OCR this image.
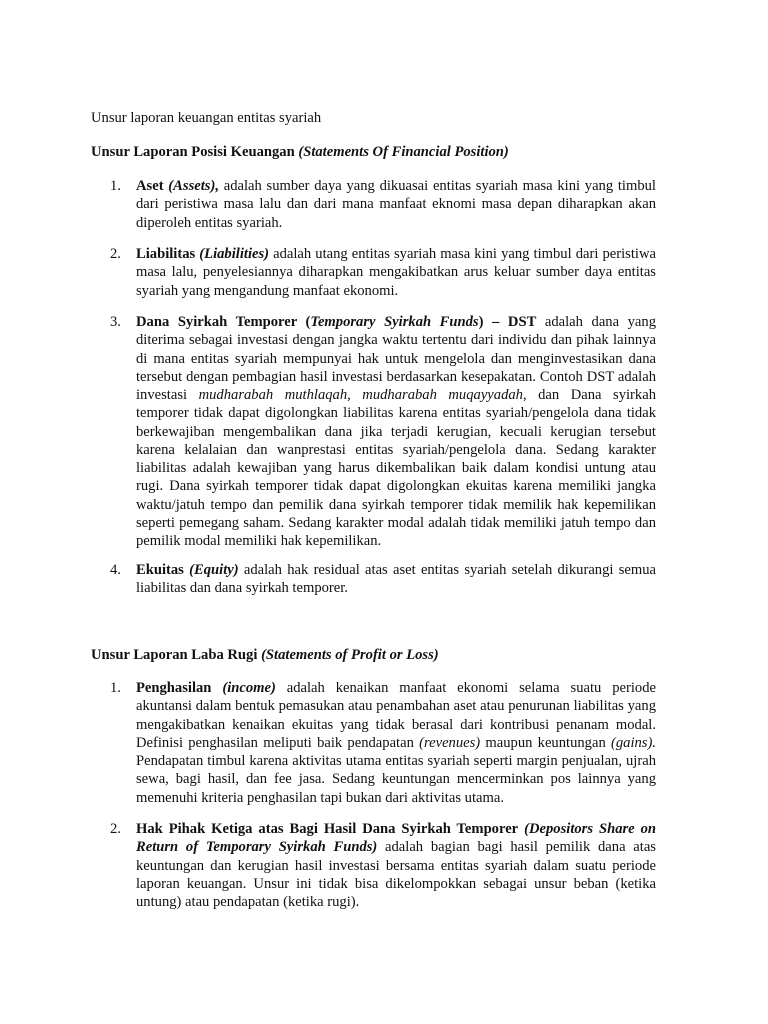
Unsur laporan keuangan entitas syariah

Unsur Laporan Posisi Keuangan (Statements Of Financial Position)

1.	Aset (Assets), adalah sumber daya yang dikuasai entitas syariah masa kini yang timbul dari peristiwa masa lalu dan dari mana manfaat eknomi masa depan diharapkan akan diperoleh entitas syariah.
2.	Liabilitas (Liabilities) adalah utang entitas syariah masa kini yang timbul dari peristiwa masa lalu, penyelesiannya diharapkan mengakibatkan arus keluar sumber daya entitas syariah yang mengandung manfaat ekonomi.
3.	Dana Syirkah Temporer (Temporary Syirkah Funds) – DST adalah dana yang diterima sebagai investasi dengan jangka waktu tertentu dari individu dan pihak lainnya di mana entitas syariah mempunyai hak untuk mengelola dan menginvestasikan dana tersebut dengan pembagian hasil investasi berdasarkan kesepakatan. Contoh DST adalah investasi mudharabah muthlaqah, mudharabah muqayyadah, dan Dana syirkah temporer tidak dapat digolongkan liabilitas karena entitas syariah/pengelola dana tidak berkewajiban mengembalikan dana jika terjadi kerugian, kecuali kerugian tersebut karena kelalaian dan wanprestasi entitas syariah/pengelola dana. Sedang karakter liabilitas adalah kewajiban yang harus dikembalikan baik dalam kondisi untung atau rugi. Dana syirkah temporer tidak dapat digolongkan ekuitas karena memiliki jangka waktu/jatuh tempo dan pemilik dana syirkah temporer tidak memilik hak kepemilikan seperti pemegang saham. Sedang karakter modal adalah tidak memiliki jatuh tempo dan pemilik modal memiliki hak kepemilikan.
4.	Ekuitas (Equity) adalah hak residual atas aset entitas syariah setelah dikurangi semua liabilitas dan dana syirkah temporer.

Unsur Laporan Laba Rugi (Statements of Profit or Loss)

1.	Penghasilan (income) adalah kenaikan manfaat ekonomi selama suatu periode akuntansi dalam bentuk pemasukan atau penambahan aset atau penurunan liabilitas yang mengakibatkan kenaikan ekuitas yang tidak berasal dari kontribusi penanam modal. Definisi penghasilan meliputi baik pendapatan (revenues) maupun keuntungan (gains). Pendapatan timbul karena aktivitas utama entitas syariah seperti margin penjualan, ujrah sewa, bagi hasil, dan fee jasa. Sedang keuntungan mencerminkan pos lainnya yang memenuhi kriteria penghasilan tapi bukan dari aktivitas utama.
2.	Hak Pihak Ketiga atas Bagi Hasil Dana Syirkah Temporer (Depositors Share on Return of Temporary Syirkah Funds) adalah bagian bagi hasil pemilik dana atas keuntungan dan kerugian hasil investasi bersama entitas syariah dalam suatu periode laporan keuangan. Unsur ini tidak bisa dikelompokkan sebagai unsur beban (ketika untung) atau pendapatan (ketika rugi).
